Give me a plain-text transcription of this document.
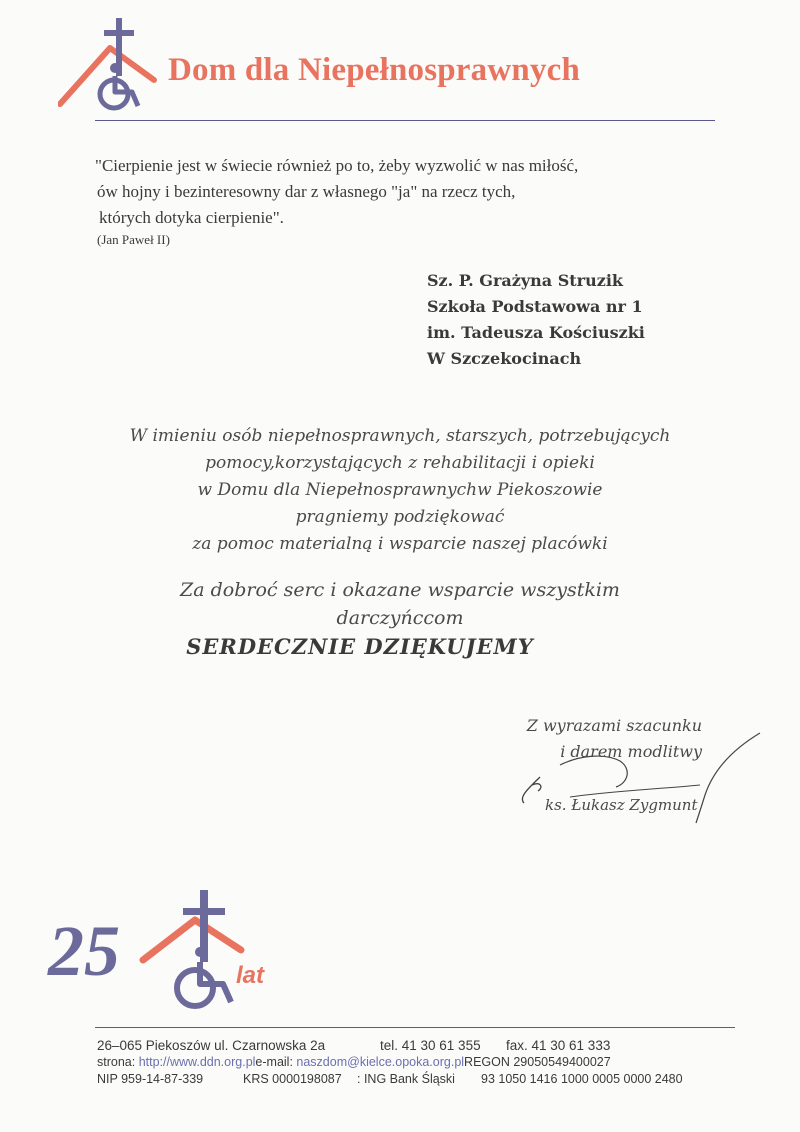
Dom dla Niepełnosprawnych
"Cierpienie jest w świecie również po to, żeby wyzwolić w nas miłość,
ów hojny i bezinteresowny dar z własnego "ja" na rzecz tych,
których dotyka cierpienie".
(Jan Paweł II)
Sz. P. Grażyna Struzik
Szkoła Podstawowa nr 1
im. Tadeusza Kościuszki
W Szczekocinach
W imieniu osób niepełnosprawnych, starszych, potrzebujących
pomocy,korzystających z rehabilitacji i opieki
w Domu dla Niepełnosprawnychw Piekoszowie
pragniemy podziękować
za pomoc materialną i wsparcie naszej placówki
Za dobroć serc i okazane wsparcie wszystkim
darczyńccom
SERDECZNIE DZIĘKUJEMY
Z wyrazami szacunku
i darem modlitwy
ks. Łukasz Zygmunt
25	lat
26–065 Piekoszów ul. Czarnowska 2a	tel. 41 30 61 355 fax. 41 30 61 333
strona: http://www.ddn.org.ple-mail: naszdom@kielce.opoka.org.plREGON 29050549400027
NIP 959-14-87-339	KRS 0000198087 : ING Bank Śląski 93 1050 1416 1000 0005 0000 2480
